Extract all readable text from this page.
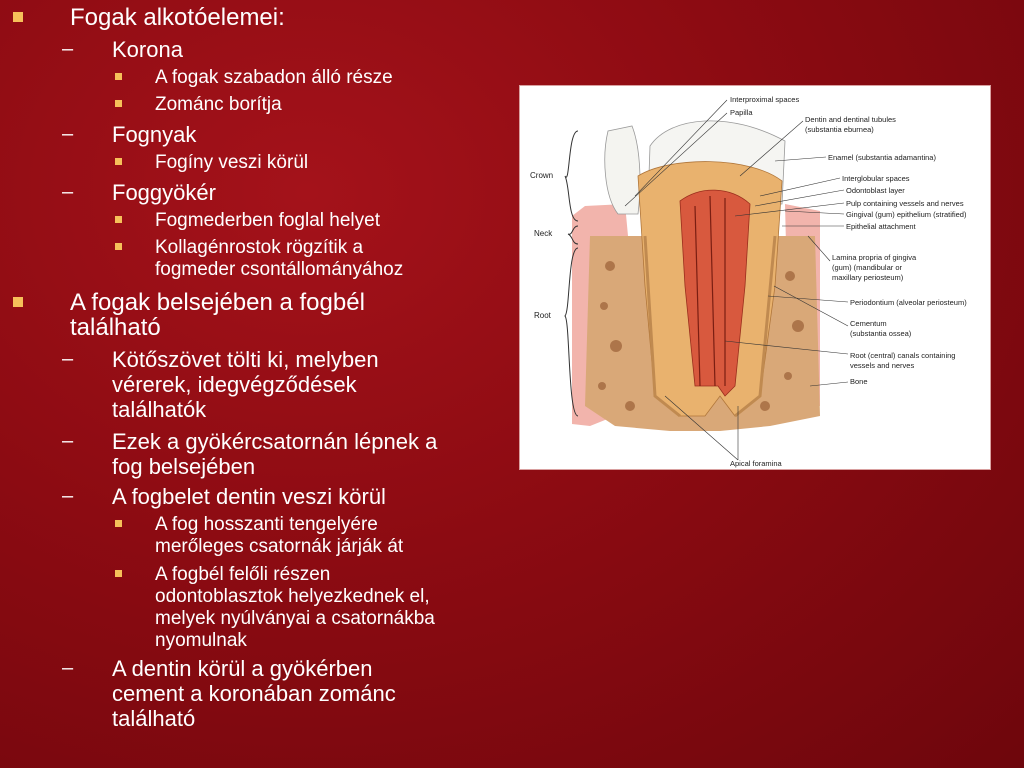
Fogak alkotóelemei:
– Korona
A fogak szabadon álló része
Zománc borítja
– Fognyak
Fogíny veszi körül
– Foggyökér
Fogmederben foglal helyet
Kollagénrostok rögzítik a
fogmeder csontállományához
A fogak belsejében a fogbél
található
– Kötőszövet tölti ki, melyben
vérerek, idegvégződések
találhatók
– Ezek a gyökércsatornán lépnek a
fog belsejében
– A fogbelet dentin veszi körül
A fog hosszanti tengelyére
merőleges csatornák járják át
A fogbél felőli részen
odontoblasztok helyezkednek el,
melyek nyúlványai a csatornákba
nyomulnak
– A dentin körül a gyökérben
cement a koronában zománc
található
Crown
Neck
Root
Interproximal spaces
Papilla
Dentin and dentinal tubules
(substantia eburnea)
Enamel (substantia adamantina)
Interglobular spaces
Odontoblast layer
Pulp containing vessels and nerves
Gingival (gum) epithelium (stratified)
Epithelial attachment
Lamina propria of gingiva
(gum) (mandibular or
maxillary periosteum)
Periodontium (alveolar periosteum)
Cementum
(substantia ossea)
Root (central) canals containing
vessels and nerves
Bone
Apical foramina
